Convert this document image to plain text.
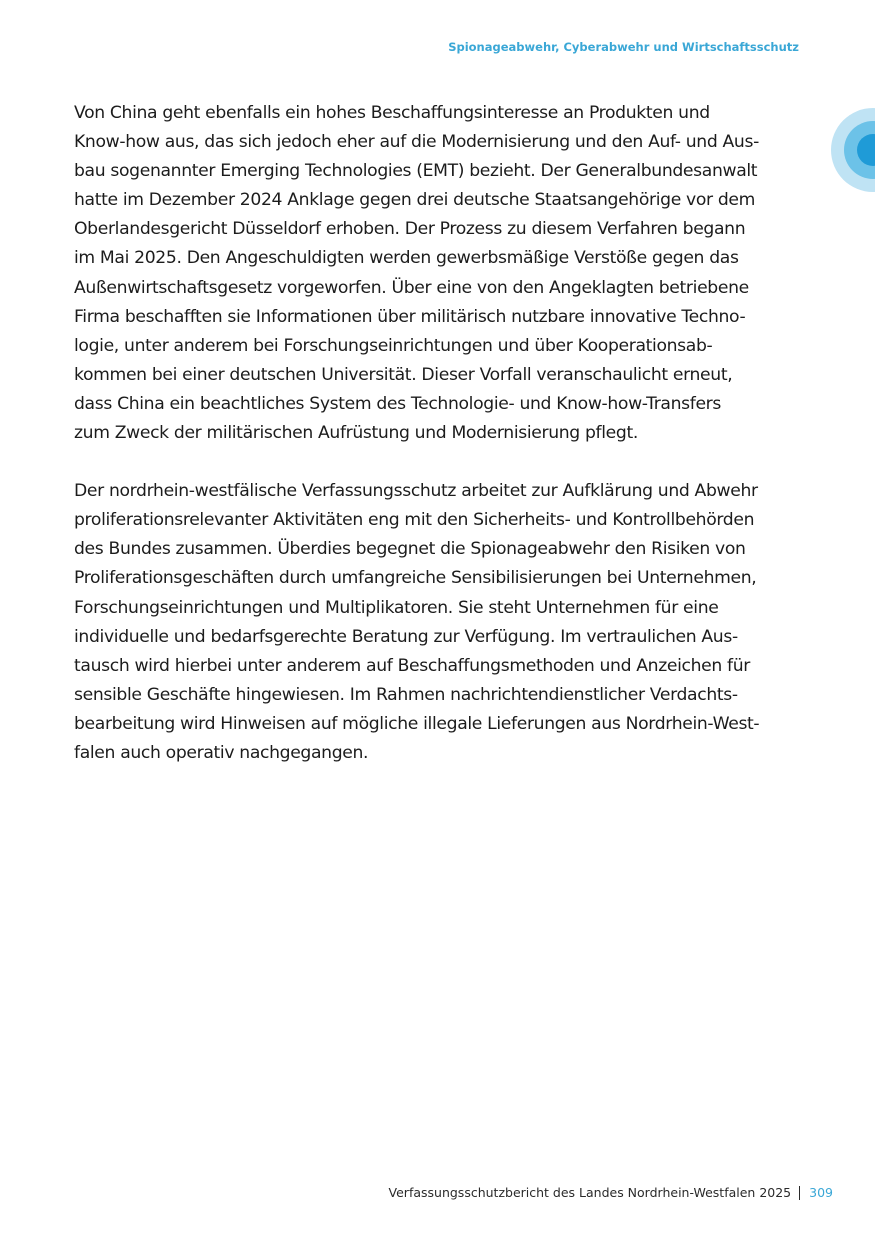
Spionageabwehr, Cyberabwehr und Wirtschaftsschutz
Von China geht ebenfalls ein hohes Beschaffungsinteresse an Produkten und
Know-how aus, das sich jedoch eher auf die Modernisierung und den Auf- und Aus-
bau sogenannter Emerging Technologies (EMT) bezieht. Der Generalbundesanwalt
hatte im Dezember 2024 Anklage gegen drei deutsche Staatsangehörige vor dem
Oberlandesgericht Düsseldorf erhoben. Der Prozess zu diesem Verfahren begann
im Mai 2025. Den Angeschuldigten werden gewerbsmäßige Verstöße gegen das
Außenwirtschaftsgesetz vorgeworfen. Über eine von den Angeklagten betriebene
Firma beschafften sie Informationen über militärisch nutzbare innovative Techno-
logie, unter anderem bei Forschungseinrichtungen und über Kooperationsab-
kommen bei einer deutschen Universität. Dieser Vorfall veranschaulicht erneut,
dass China ein beachtliches System des Technologie- und Know-how-Transfers
zum Zweck der militärischen Aufrüstung und Modernisierung pflegt.
Der nordrhein-westfälische Verfassungsschutz arbeitet zur Aufklärung und Abwehr
proliferationsrelevanter Aktivitäten eng mit den Sicherheits- und Kontrollbehörden
des Bundes zusammen. Überdies begegnet die Spionageabwehr den Risiken von
Proliferationsgeschäften durch umfangreiche Sensibilisierungen bei Unternehmen,
Forschungseinrichtungen und Multiplikatoren. Sie steht Unternehmen für eine
individuelle und bedarfsgerechte Beratung zur Verfügung. Im vertraulichen Aus-
tausch wird hierbei unter anderem auf Beschaffungsmethoden und Anzeichen für
sensible Geschäfte hingewiesen. Im Rahmen nachrichtendienstlicher Verdachts-
bearbeitung wird Hinweisen auf mögliche illegale Lieferungen aus Nordrhein-West-
falen auch operativ nachgegangen.
Verfassungsschutzbericht des Landes Nordrhein-Westfalen 2025 309
